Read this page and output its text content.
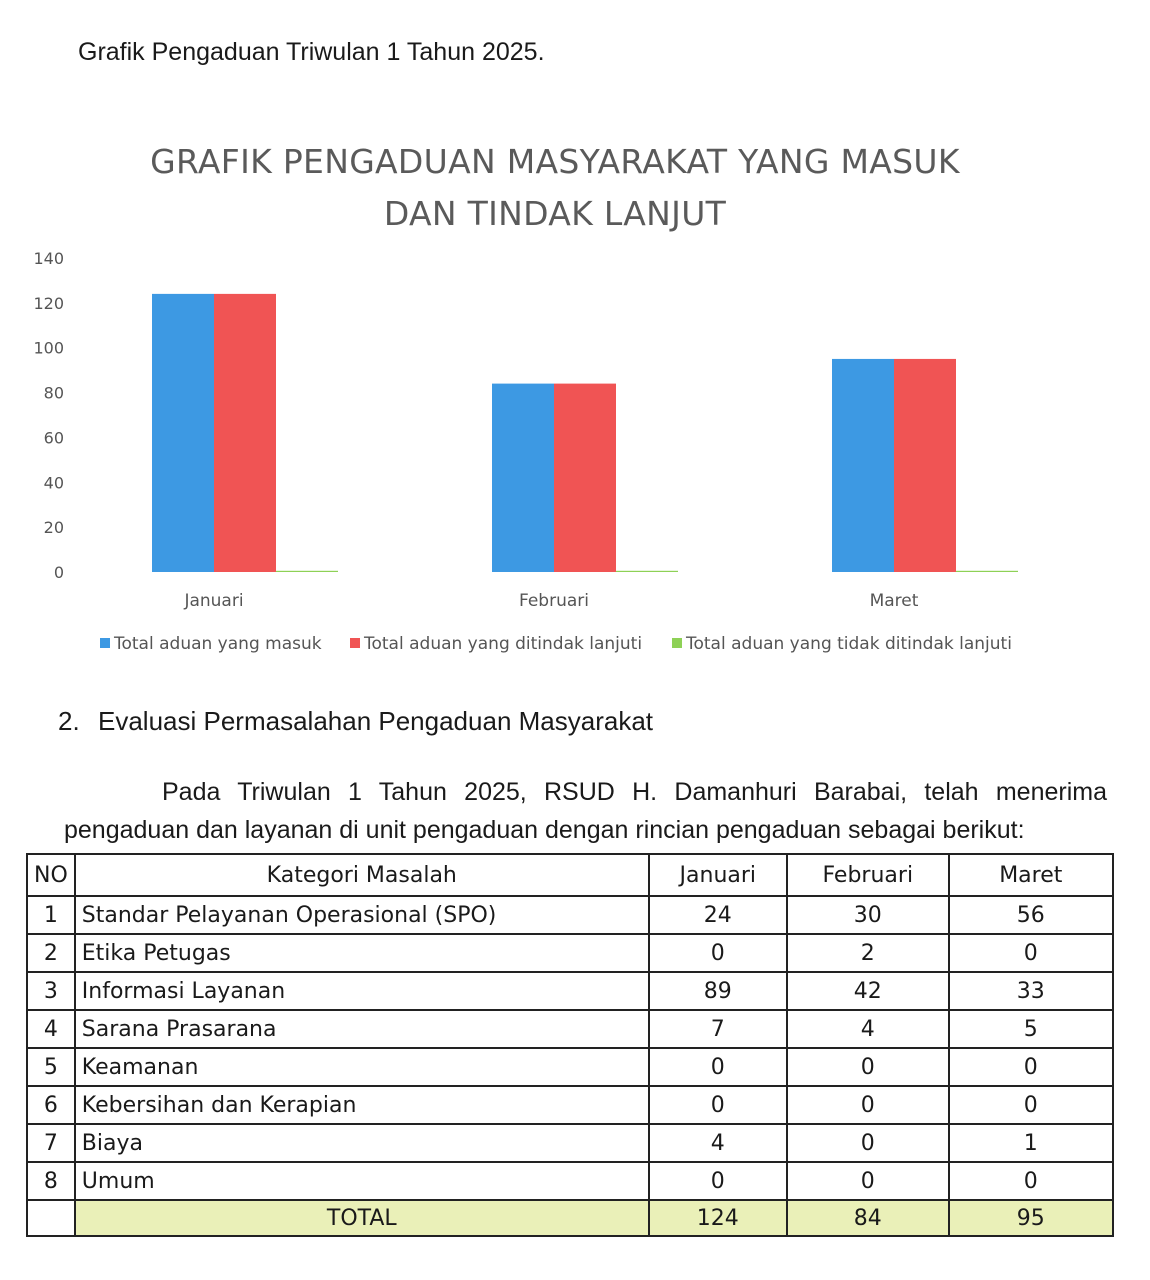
Grafik Pengaduan Triwulan 1 Tahun 2025.
GRAFIK PENGADUAN MASYARAKAT YANG MASUK
DAN TINDAK LANJUT
0
20
40
60
80
100
120
140
Januari	Februari	Maret
Total aduan yang masuk	Total aduan yang ditindak lanjuti	Total aduan yang tidak ditindak lanjuti
2. Evaluasi Permasalahan Pengaduan Masyarakat
Pada Triwulan 1 Tahun 2025, RSUD H. Damanhuri Barabai, telah menerima
pengaduan dan layanan di unit pengaduan dengan rincian pengaduan sebagai berikut:
NO	Kategori Masalah	Januari	Februari	Maret
1	Standar Pelayanan Operasional (SPO)	24	30	56
2	Etika Petugas	0	2	0
3	Informasi Layanan	89	42	33
4	Sarana Prasarana	7	4	5
5	Keamanan	0	0	0
6	Kebersihan dan Kerapian	0	0	0
7	Biaya	4	0	1
8	Umum	0	0	0
	TOTAL	124	84	95
